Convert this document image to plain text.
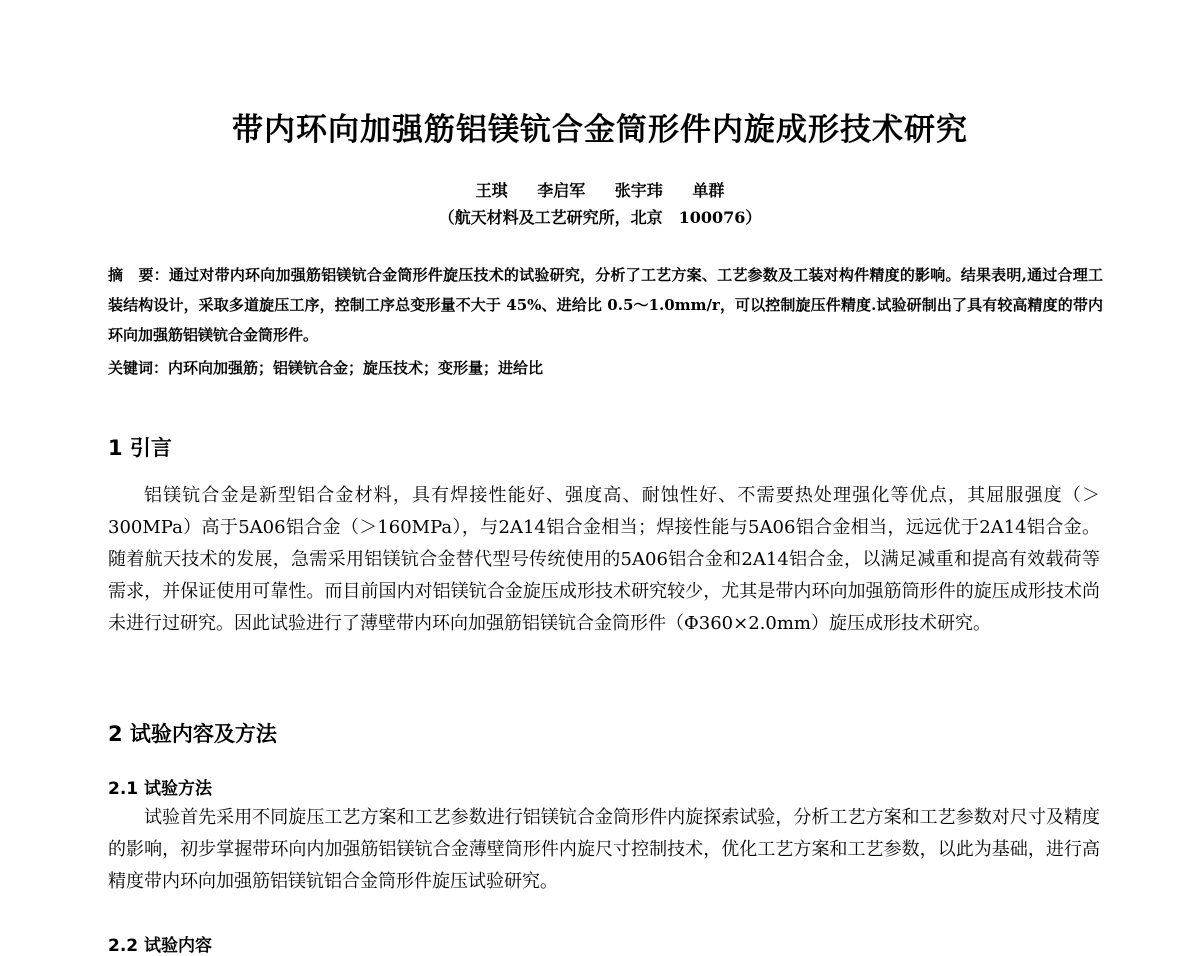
带内环向加强筋铝镁钪合金筒形件内旋成形技术研究
王琪 李启军 张宇玮 单群
（航天材料及工艺研究所，北京　100076）
摘　要：通过对带内环向加强筋铝镁钪合金筒形件旋压技术的试验研究，分析了工艺方案、工艺参数及工装对构件精度的影响。结果表明,通过合理工装结构设计，采取多道旋压工序，控制工序总变形量不大于 45%、进给比 0.5～1.0mm/r，可以控制旋压件精度.试验研制出了具有较高精度的带内环向加强筋铝镁钪合金筒形件。
关键词：内环向加强筋；铝镁钪合金；旋压技术；变形量；进给比
1 引言
铝镁钪合金是新型铝合金材料，具有焊接性能好、强度高、耐蚀性好、不需要热处理强化等优点，其屈服强度（＞300MPa）高于5A06铝合金（＞160MPa），与2A14铝合金相当；焊接性能与5A06铝合金相当，远远优于2A14铝合金。随着航天技术的发展，急需采用铝镁钪合金替代型号传统使用的5A06铝合金和2A14铝合金，以满足减重和提高有效载荷等需求，并保证使用可靠性。而目前国内对铝镁钪合金旋压成形技术研究较少，尤其是带内环向加强筋筒形件的旋压成形技术尚未进行过研究。因此试验进行了薄壁带内环向加强筋铝镁钪合金筒形件（Φ360×2.0mm）旋压成形技术研究。
2 试验内容及方法
2.1 试验方法
试验首先采用不同旋压工艺方案和工艺参数进行铝镁钪合金筒形件内旋探索试验，分析工艺方案和工艺参数对尺寸及精度的影响，初步掌握带环向内加强筋铝镁钪合金薄壁筒形件内旋尺寸控制技术，优化工艺方案和工艺参数，以此为基础，进行高精度带内环向加强筋铝镁钪铝合金筒形件旋压试验研究。
2.2 试验内容
